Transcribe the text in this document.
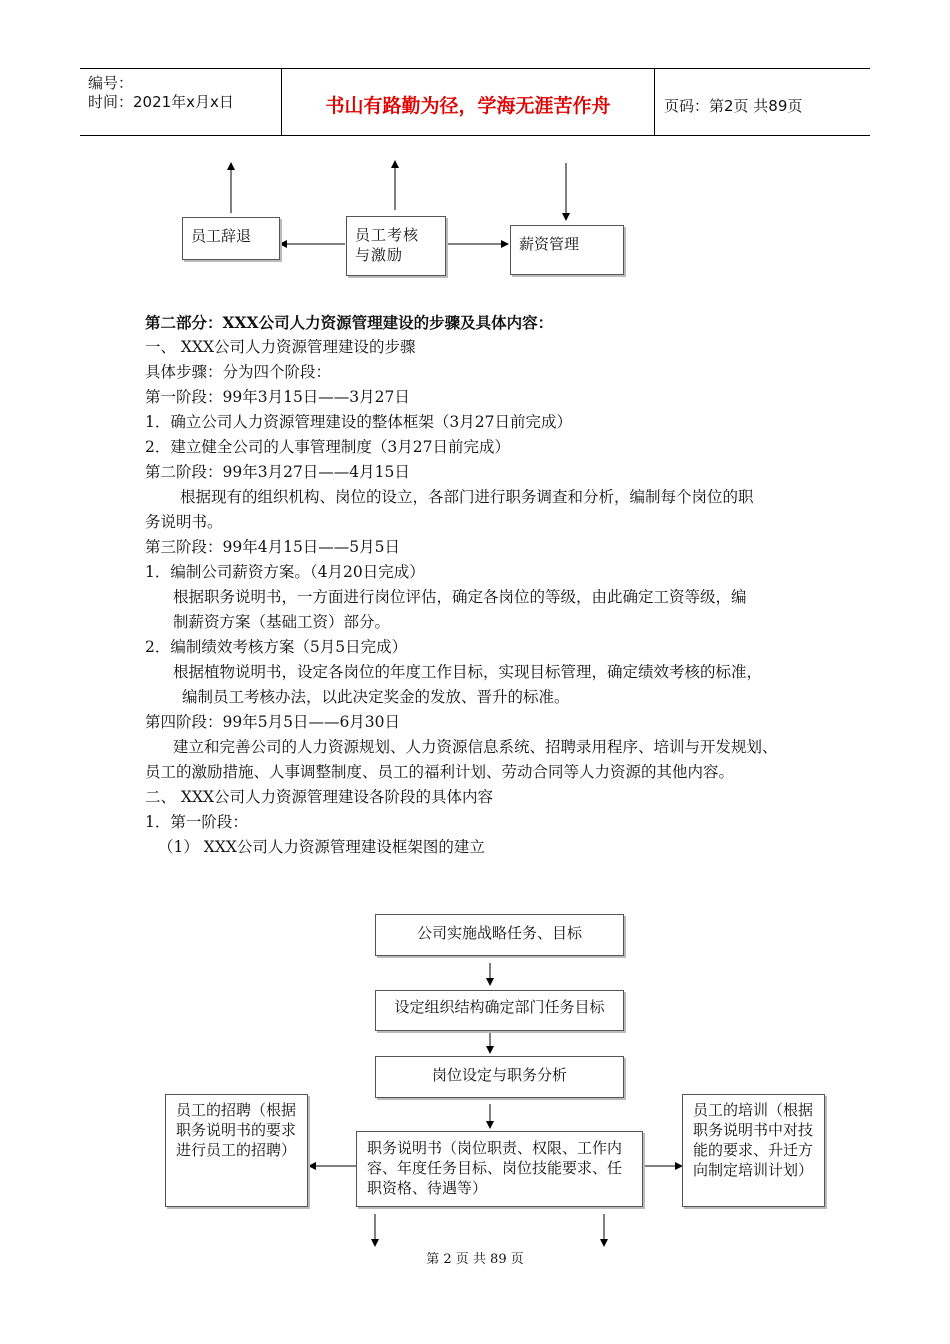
编号：
时间：2021年x月x日	书山有路勤为径，学海无涯苦作舟	页码：第2页 共89页
员工辞退	员工考核
与激励
薪资管理
第二部分：XXX公司人力资源管理建设的步骤及具体内容：
一、 XXX公司人力资源管理建设的步骤
具体步骤：分为四个阶段：
第一阶段：99年3月15日——3月27日
1．确立公司人力资源管理建设的整体框架（3月27日前完成）
2．建立健全公司的人事管理制度（3月27日前完成）
第二阶段：99年3月27日——4月15日
根据现有的组织机构、岗位的设立，各部门进行职务调查和分析，编制每个岗位的职
务说明书。
第三阶段：99年4月15日——5月5日
1．编制公司薪资方案。（4月20日完成）
根据职务说明书，一方面进行岗位评估，确定各岗位的等级，由此确定工资等级，编
制薪资方案（基础工资）部分。
2．编制绩效考核方案（5月5日完成）
根据植物说明书，设定各岗位的年度工作目标，实现目标管理，确定绩效考核的标准，
编制员工考核办法，以此决定奖金的发放、晋升的标准。
第四阶段：99年5月5日——6月30日
建立和完善公司的人力资源规划、人力资源信息系统、招聘录用程序、培训与开发规划、
员工的激励措施、人事调整制度、员工的福利计划、劳动合同等人力资源的其他内容。
二、 XXX公司人力资源管理建设各阶段的具体内容
1．第一阶段：
（1） XXX公司人力资源管理建设框架图的建立
公司实施战略任务、目标
设定组织结构确定部门任务目标
岗位设定与职务分析
职务说明书（岗位职责、权限、工作内容、年度任务目标、岗位技能要求、任职资格、待遇等）
员工的招聘（根据职务说明书的要求进行员工的招聘）
员工的培训（根据职务说明书中对技能的要求、升迁方向制定培训计划）
第 2 页 共 89 页
